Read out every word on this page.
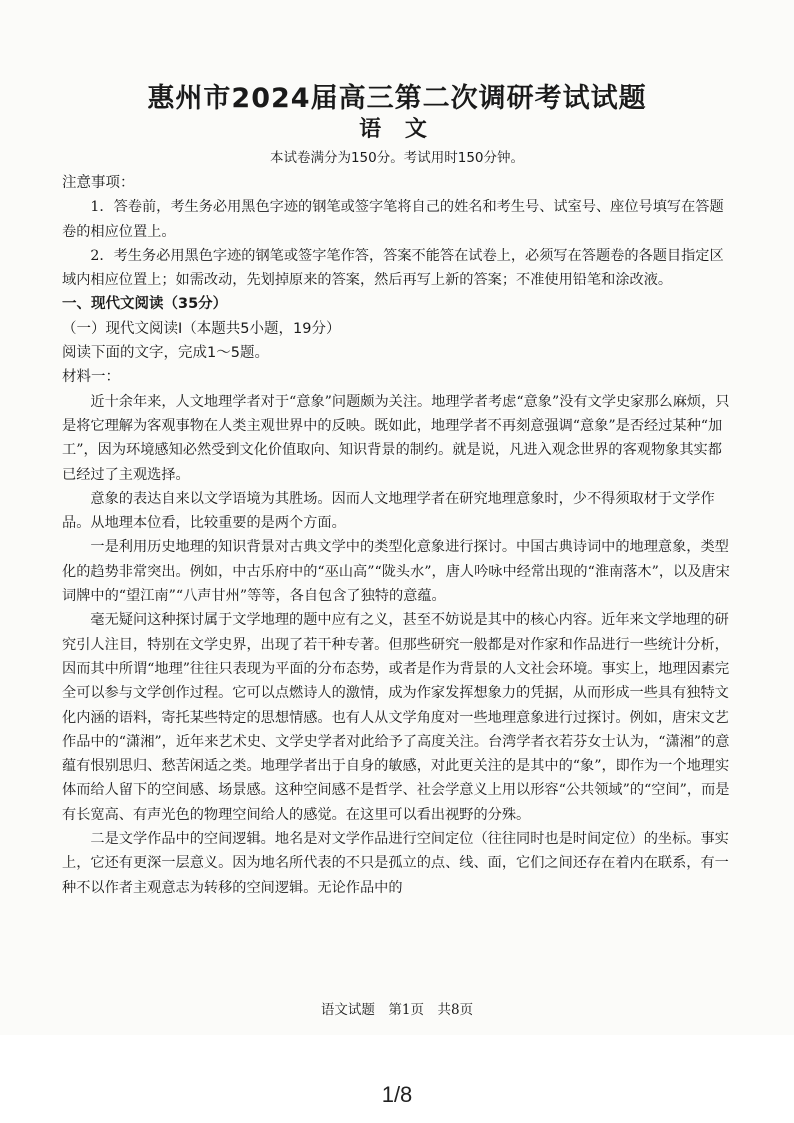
惠州市2024届高三第二次调研考试试题
语 文
本试卷满分为150分。考试用时150分钟。

注意事项：

1．答卷前，考生务必用黑色字迹的钢笔或签字笔将自己的姓名和考生号、试室号、座位号填写在答题卷的相应位置上。

2．考生务必用黑色字迹的钢笔或签字笔作答，答案不能答在试卷上，必须写在答题卷的各题目指定区域内相应位置上；如需改动，先划掉原来的答案，然后再写上新的答案；不准使用铅笔和涂改液。

一、现代文阅读（35分）

（一）现代文阅读Ⅰ（本题共5小题，19分）

阅读下面的文字，完成1～5题。

材料一：

近十余年来，人文地理学者对于“意象”问题颇为关注。地理学者考虑“意象”没有文学史家那么麻烦，只是将它理解为客观事物在人类主观世界中的反映。既如此，地理学者不再刻意强调“意象”是否经过某种“加工”，因为环境感知必然受到文化价值取向、知识背景的制约。就是说，凡进入观念世界的客观物象其实都已经过了主观选择。

意象的表达自来以文学语境为其胜场。因而人文地理学者在研究地理意象时，少不得须取材于文学作品。从地理本位看，比较重要的是两个方面。

一是利用历史地理的知识背景对古典文学中的类型化意象进行探讨。中国古典诗词中的地理意象，类型化的趋势非常突出。例如，中古乐府中的“巫山高”“陇头水”，唐人吟咏中经常出现的“淮南落木”，以及唐宋词牌中的“望江南”“八声甘州”等等，各自包含了独特的意蕴。

毫无疑问这种探讨属于文学地理的题中应有之义，甚至不妨说是其中的核心内容。近年来文学地理的研究引人注目，特别在文学史界，出现了若干种专著。但那些研究一般都是对作家和作品进行一些统计分析，因而其中所谓“地理”往往只表现为平面的分布态势，或者是作为背景的人文社会环境。事实上，地理因素完全可以参与文学创作过程。它可以点燃诗人的激情，成为作家发挥想象力的凭据，从而形成一些具有独特文化内涵的语料，寄托某些特定的思想情感。也有人从文学角度对一些地理意象进行过探讨。例如，唐宋文艺作品中的“潇湘”，近年来艺术史、文学史学者对此给予了高度关注。台湾学者衣若芬女士认为，“潇湘”的意蕴有恨别思归、愁苦闲适之类。地理学者出于自身的敏感，对此更关注的是其中的“象”，即作为一个地理实体而给人留下的空间感、场景感。这种空间感不是哲学、社会学意义上用以形容“公共领域”的“空间”，而是有长宽高、有声光色的物理空间给人的感觉。在这里可以看出视野的分殊。

二是文学作品中的空间逻辑。地名是对文学作品进行空间定位（往往同时也是时间定位）的坐标。事实上，它还有更深一层意义。因为地名所代表的不只是孤立的点、线、面，它们之间还存在着内在联系，有一种不以作者主观意志为转移的空间逻辑。无论作品中的

语文试题　第1页　共8页
1/8
